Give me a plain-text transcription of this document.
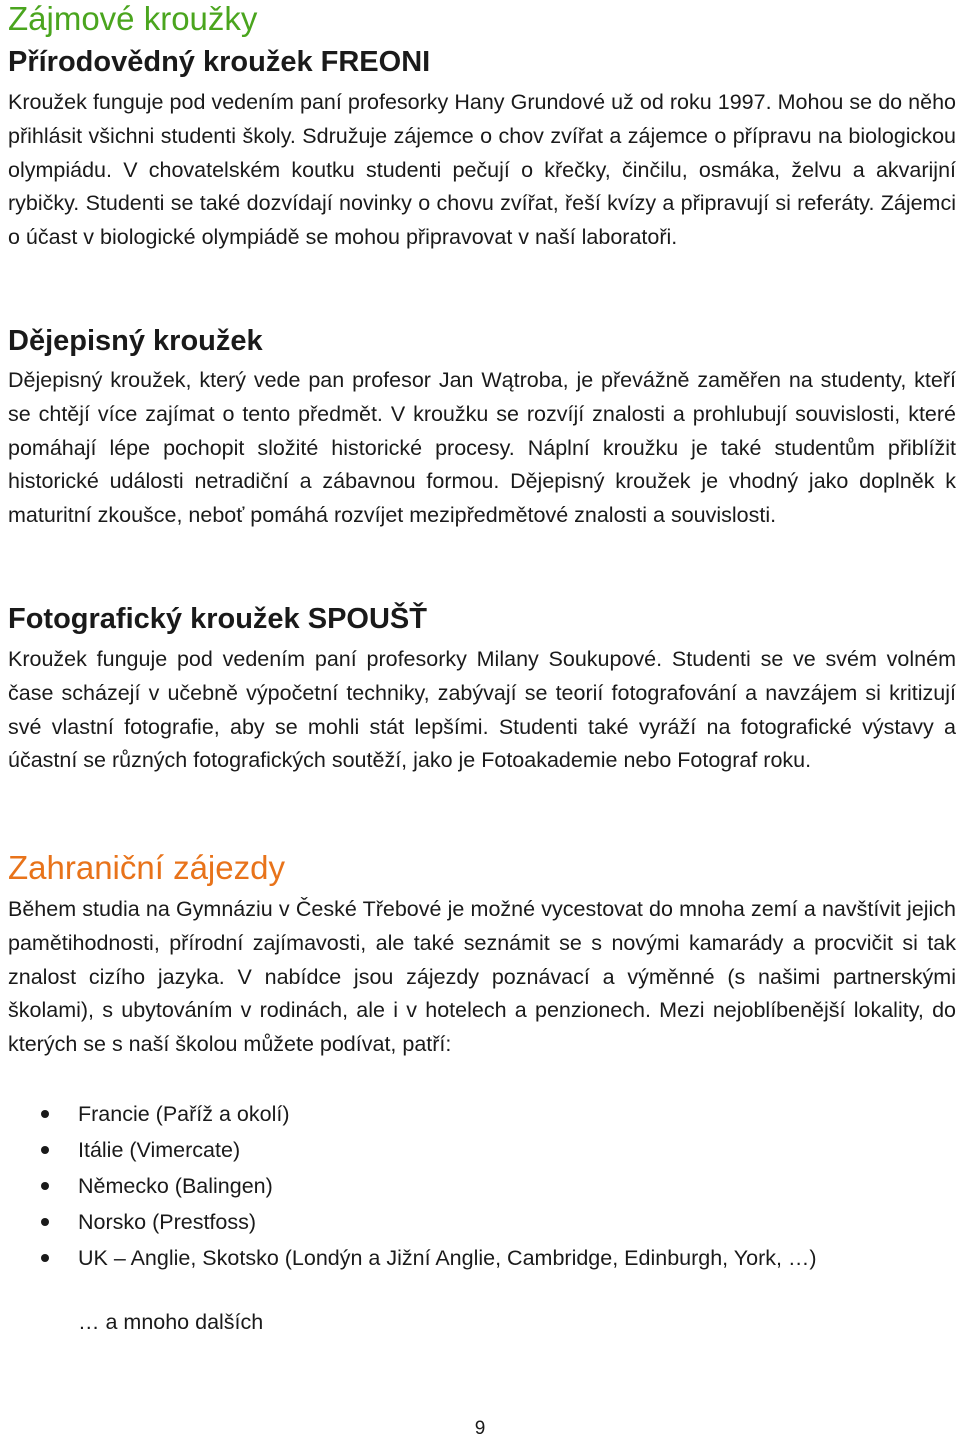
Zájmové kroužky
Přírodovědný kroužek FREONI

Kroužek funguje pod vedením paní profesorky Hany Grundové už od roku 1997. Mohou se do něho přihlásit všichni studenti školy. Sdružuje zájemce o chov zvířat a zájemce o přípravu na biologickou olympiádu. V chovatelském koutku studenti pečují o křečky, činčilu, osmáka, želvu a akvarijní rybičky. Studenti se také dozvídají novinky o chovu zvířat, řeší kvízy a připravují si referáty. Zájemci o účast v biologické olympiádě se mohou připravovat v naší laboratoři.

Dějepisný kroužek

Dějepisný kroužek, který vede pan profesor Jan Wątroba, je převážně zaměřen na studenty, kteří se chtějí více zajímat o tento předmět. V kroužku se rozvíjí znalosti a prohlubují souvislosti, které pomáhají lépe pochopit složité historické procesy. Náplní kroužku je také studentům přiblížit historické události netradiční a zábavnou formou. Dějepisný kroužek je vhodný jako doplněk k maturitní zkoušce, neboť pomáhá rozvíjet mezipředmětové znalosti a souvislosti.

Fotografický kroužek SPOUŠŤ

Kroužek funguje pod vedením paní profesorky Milany Soukupové. Studenti se ve svém volném čase scházejí v učebně výpočetní techniky, zabývají se teorií fotografování a navzájem si kritizují své vlastní fotografie, aby se mohli stát lepšími. Studenti také vyráží na fotografické výstavy a účastní se různých fotografických soutěží, jako je Fotoakademie nebo Fotograf roku.

Zahraniční zájezdy

Během studia na Gymnáziu v České Třebové je možné vycestovat do mnoha zemí a navštívit jejich pamětihodnosti, přírodní zajímavosti, ale také seznámit se s novými kamarády a procvičit si tak znalost cizího jazyka. V nabídce jsou zájezdy poznávací a výměnné (s našimi partnerskými školami), s ubytováním v rodinách, ale i v hotelech a penzionech. Mezi nejoblíbenější lokality, do kterých se s naší školou můžete podívat, patří:

Francie (Paříž a okolí)
Itálie (Vimercate)
Německo (Balingen)
Norsko (Prestfoss)
UK – Anglie, Skotsko (Londýn a Jižní Anglie, Cambridge, Edinburgh, York, …)
… a mnoho dalších
9
